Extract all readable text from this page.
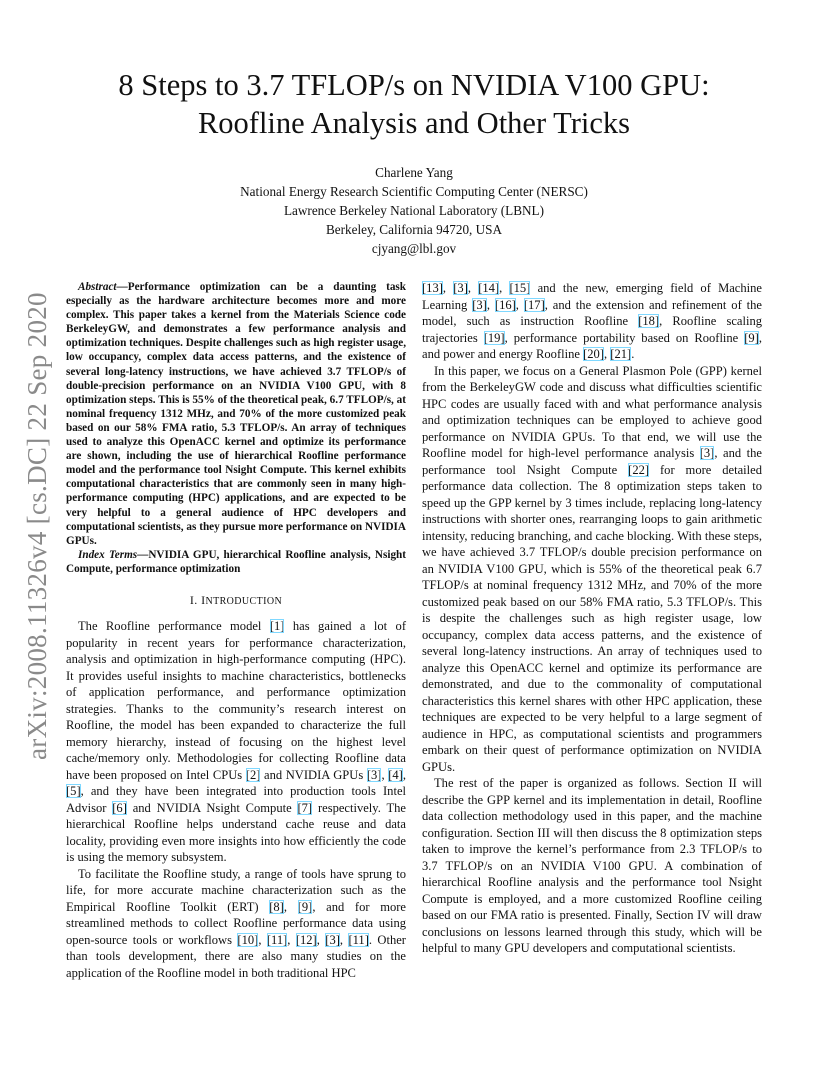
arXiv:2008.11326v4 [cs.DC] 22 Sep 2020
8 Steps to 3.7 TFLOP/s on NVIDIA V100 GPU:
Roofline Analysis and Other Tricks
Charlene Yang
National Energy Research Scientific Computing Center (NERSC)
Lawrence Berkeley National Laboratory (LBNL)
Berkeley, California 94720, USA
cjyang@lbl.gov

Abstract—Performance optimization can be a daunting task especially as the hardware architecture becomes more and more complex. This paper takes a kernel from the Materials Science code BerkeleyGW, and demonstrates a few performance analysis and optimization techniques. Despite challenges such as high register usage, low occupancy, complex data access patterns, and the existence of several long-latency instructions, we have achieved 3.7 TFLOP/s of double-precision performance on an NVIDIA V100 GPU, with 8 optimization steps. This is 55% of the theoretical peak, 6.7 TFLOP/s, at nominal frequency 1312 MHz, and 70% of the more customized peak based on our 58% FMA ratio, 5.3 TFLOP/s. An array of techniques used to analyze this OpenACC kernel and optimize its performance are shown, including the use of hierarchical Roofline performance model and the performance tool Nsight Compute. This kernel exhibits computational characteristics that are commonly seen in many high-performance computing (HPC) applications, and are expected to be very helpful to a general audience of HPC developers and computational scientists, as they pursue more performance on NVIDIA GPUs.

Index Terms—NVIDIA GPU, hierarchical Roofline analysis, Nsight Compute, performance optimization

I. INTRODUCTION

The Roofline performance model [1] has gained a lot of popularity in recent years for performance characterization, analysis and optimization in high-performance computing (HPC). It provides useful insights to machine characteristics, bottlenecks of application performance, and performance optimization strategies. Thanks to the community’s research interest on Roofline, the model has been expanded to characterize the full memory hierarchy, instead of focusing on the highest level cache/memory only. Methodologies for collecting Roofline data have been proposed on Intel CPUs [2] and NVIDIA GPUs [3], [4], [5], and they have been integrated into production tools Intel Advisor [6] and NVIDIA Nsight Compute [7] respectively. The hierarchical Roofline helps understand cache reuse and data locality, providing even more insights into how efficiently the code is using the memory subsystem.

To facilitate the Roofline study, a range of tools have sprung to life, for more accurate machine characterization such as the Empirical Roofline Toolkit (ERT) [8], [9], and for more streamlined methods to collect Roofline performance data using open-source tools or workflows [10], [11], [12], [3], [11]. Other than tools development, there are also many studies on the application of the Roofline model in both traditional HPC

[13], [3], [14], [15] and the new, emerging field of Machine Learning [3], [16], [17], and the extension and refinement of the model, such as instruction Roofline [18], Roofline scaling trajectories [19], performance portability based on Roofline [9], and power and energy Roofline [20], [21].

In this paper, we focus on a General Plasmon Pole (GPP) kernel from the BerkeleyGW code and discuss what difficulties scientific HPC codes are usually faced with and what performance analysis and optimization techniques can be employed to achieve good performance on NVIDIA GPUs. To that end, we will use the Roofline model for high-level performance analysis [3], and the performance tool Nsight Compute [22] for more detailed performance data collection. The 8 optimization steps taken to speed up the GPP kernel by 3 times include, replacing long-latency instructions with shorter ones, rearranging loops to gain arithmetic intensity, reducing branching, and cache blocking. With these steps, we have achieved 3.7 TFLOP/s double precision performance on an NVIDIA V100 GPU, which is 55% of the theoretical peak 6.7 TFLOP/s at nominal frequency 1312 MHz, and 70% of the more customized peak based on our 58% FMA ratio, 5.3 TFLOP/s. This is despite the challenges such as high register usage, low occupancy, complex data access patterns, and the existence of several long-latency instructions. An array of techniques used to analyze this OpenACC kernel and optimize its performance are demonstrated, and due to the commonality of computational characteristics this kernel shares with other HPC application, these techniques are expected to be very helpful to a large segment of audience in HPC, as computational scientists and programmers embark on their quest of performance optimization on NVIDIA GPUs.

The rest of the paper is organized as follows. Section II will describe the GPP kernel and its implementation in detail, Roofline data collection methodology used in this paper, and the machine configuration. Section III will then discuss the 8 optimization steps taken to improve the kernel’s performance from 2.3 TFLOP/s to 3.7 TFLOP/s on an NVIDIA V100 GPU. A combination of hierarchical Roofline analysis and the performance tool Nsight Compute is employed, and a more customized Roofline ceiling based on our FMA ratio is presented. Finally, Section IV will draw conclusions on lessons learned through this study, which will be helpful to many GPU developers and computational scientists.
